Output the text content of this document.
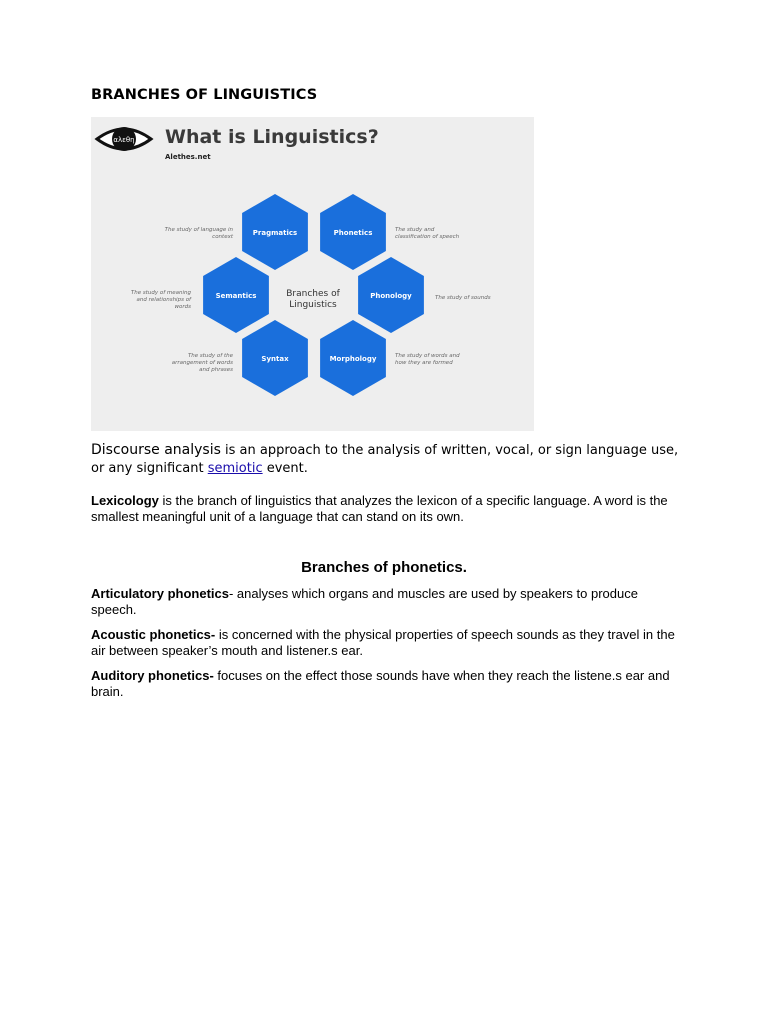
BRANCHES OF LINGUISTICS
αλεθη What is Linguistics?
Alethes.net
Branches of
Linguistics
Pragmatics
The study of language in context	Phonetics	The study and classification of speech
Semantics
The study of meaning and relationships of words
Phonology	The study of sounds
Syntax
The study of the arrangement of words and phrases
Morphology	The study of words and how they are formed
Discourse analysis is an approach to the analysis of written, vocal, or sign language use, or any significant semiotic event.
Lexicology is the branch of linguistics that analyzes the lexicon of a specific language. A word is the smallest meaningful unit of a language that can stand on its own.
Branches of phonetics.
Articulatory phonetics- analyses which organs and muscles are used by speakers to produce speech.
Acoustic phonetics- is concerned with the physical properties of speech sounds as they travel in the air between speaker’s mouth and listener.s ear.
Auditory phonetics- focuses on the effect those sounds have when they reach the listene.s ear and brain.
